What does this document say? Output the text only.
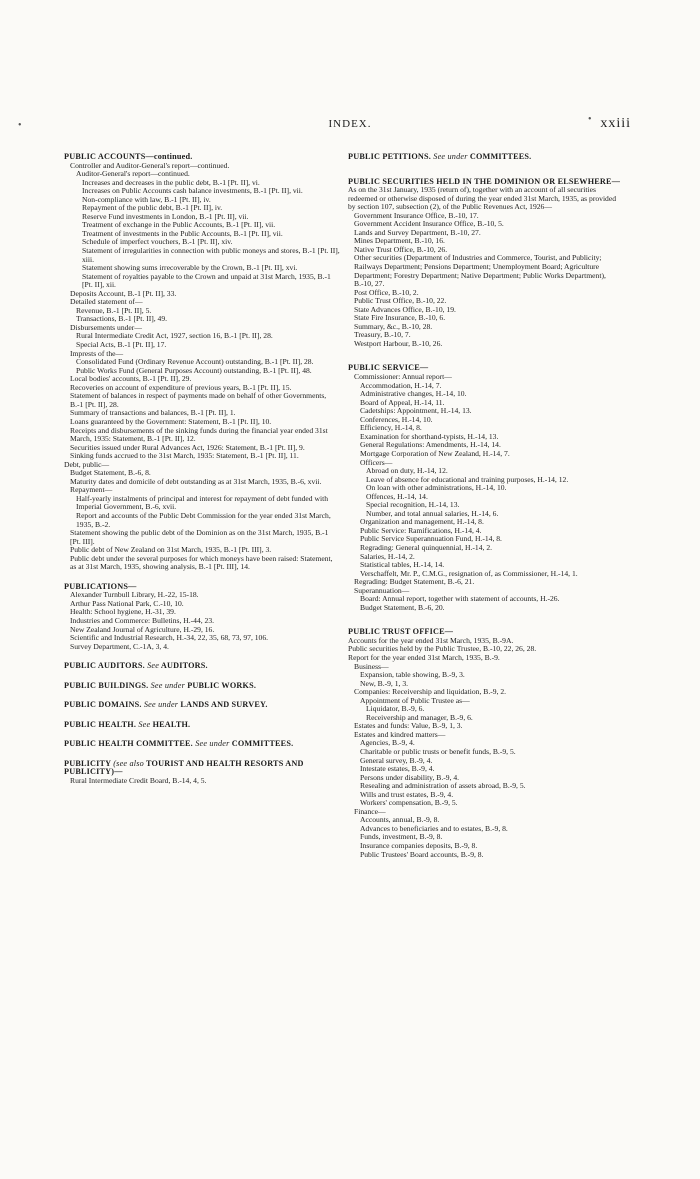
INDEX.	xxiii
•
•
PUBLIC ACCOUNTS—continued.
Controller and Auditor-General's report—continued.
Auditor-General's report—continued.
Increases and decreases in the public debt, B.-1 [Pt. II], vi.
Increases on Public Accounts cash balance investments, B.-1 [Pt. II], vii.
Non-compliance with law, B.-1 [Pt. II], iv.
Repayment of the public debt, B.-1 [Pt. II], iv.
Reserve Fund investments in London, B.-1 [Pt. II], vii.
Treatment of exchange in the Public Accounts, B.-1 [Pt. II], vii.
Treatment of investments in the Public Accounts, B.-1 [Pt. II], vii.
Schedule of imperfect vouchers, B.-1 [Pt. II], xiv.
Statement of irregularities in connection with public moneys and stores, B.-1 [Pt. II], xiii.
Statement showing sums irrecoverable by the Crown, B.-1 [Pt. II], xvi.
Statement of royalties payable to the Crown and unpaid at 31st March, 1935, B.-1 [Pt. II], xii.
Deposits Account, B.-1 [Pt. II], 33.
Detailed statement of—
Revenue, B.-1 [Pt. II], 5.
Transactions, B.-1 [Pt. II], 49.
Disbursements under—
Rural Intermediate Credit Act, 1927, section 16, B.-1 [Pt. II], 28.
Special Acts, B.-1 [Pt. II], 17.
Imprests of the—
Consolidated Fund (Ordinary Revenue Account) outstanding, B.-1 [Pt. II], 28.
Public Works Fund (General Purposes Account) outstanding, B.-1 [Pt. II], 48.
Local bodies' accounts, B.-1 [Pt. II], 29.
Recoveries on account of expenditure of previous years, B.-1 [Pt. II], 15.
Statement of balances in respect of payments made on behalf of other Governments, B.-1 [Pt. II], 28.
Summary of transactions and balances, B.-1 [Pt. II], 1.
Loans guaranteed by the Government: Statement, B.-1 [Pt. II], 10.
Receipts and disbursements of the sinking funds during the financial year ended 31st March, 1935: Statement, B.-1 [Pt. II], 12.
Securities issued under Rural Advances Act, 1926: Statement, B.-1 [Pt. II], 9.
Sinking funds accrued to the 31st March, 1935: Statement, B.-1 [Pt. II], 11.
Debt, public—
Budget Statement, B.-6, 8.
Maturity dates and domicile of debt outstanding as at 31st March, 1935, B.-6, xvii.
Repayment—
Half-yearly instalments of principal and interest for repayment of debt funded with Imperial Government, B.-6, xvii.
Report and accounts of the Public Debt Commission for the year ended 31st March, 1935, B.-2.
Statement showing the public debt of the Dominion as on the 31st March, 1935, B.-1 [Pt. III].
Public debt of New Zealand on 31st March, 1935, B.-1 [Pt. III], 3.
Public debt under the several purposes for which moneys have been raised: Statement, as at 31st March, 1935, showing analysis, B.-1 [Pt. III], 14.
PUBLICATIONS—
Alexander Turnbull Library, H.-22, 15-18.
Arthur Pass National Park, C.-10, 10.
Health: School hygiene, H.-31, 39.
Industries and Commerce: Bulletins, H.-44, 23.
New Zealand Journal of Agriculture, H.-29, 16.
Scientific and Industrial Research, H.-34, 22, 35, 68, 73, 97, 106.
Survey Department, C.-1A, 3, 4.
PUBLIC AUDITORS. See AUDITORS.
PUBLIC BUILDINGS. See under PUBLIC WORKS.
PUBLIC DOMAINS. See under LANDS AND SURVEY.
PUBLIC HEALTH. See HEALTH.
PUBLIC HEALTH COMMITTEE. See under COMMITTEES.
PUBLICITY (see also TOURIST AND HEALTH RESORTS AND PUBLICITY)—
Rural Intermediate Credit Board, B.-14, 4, 5.
PUBLIC PETITIONS. See under COMMITTEES.
PUBLIC SECURITIES HELD IN THE DOMINION OR ELSEWHERE—
As on the 31st January, 1935 (return of), together with an account of all securities redeemed or otherwise disposed of during the year ended 31st March, 1935, as provided by section 107, subsection (2), of the Public Revenues Act, 1926—
Government Insurance Office, B.-10, 17.
Government Accident Insurance Office, B.-10, 5.
Lands and Survey Department, B.-10, 27.
Mines Department, B.-10, 16.
Native Trust Office, B.-10, 26.
Other securities (Department of Industries and Commerce, Tourist, and Publicity; Railways Department; Pensions Department; Unemployment Board; Agriculture Department; Forestry Department; Native Department; Public Works Department), B.-10, 27.
Post Office, B.-10, 2.
Public Trust Office, B.-10, 22.
State Advances Office, B.-10, 19.
State Fire Insurance, B.-10, 6.
Summary, &c., B.-10, 28.
Treasury, B.-10, 7.
Westport Harbour, B.-10, 26.
PUBLIC SERVICE—
Commissioner: Annual report—
Accommodation, H.-14, 7.
Administrative changes, H.-14, 10.
Board of Appeal, H.-14, 11.
Cadetships: Appointment, H.-14, 13.
Conferences, H.-14, 10.
Efficiency, H.-14, 8.
Examination for shorthand-typists, H.-14, 13.
General Regulations: Amendments, H.-14, 14.
Mortgage Corporation of New Zealand, H.-14, 7.
Officers—
Abroad on duty, H.-14, 12.
Leave of absence for educational and training purposes, H.-14, 12.
On loan with other administrations, H.-14, 10.
Offences, H.-14, 14.
Special recognition, H.-14, 13.
Number, and total annual salaries, H.-14, 6.
Organization and management, H.-14, 8.
Public Service: Ramifications, H.-14, 4.
Public Service Superannuation Fund, H.-14, 8.
Regrading: General quinquennial, H.-14, 2.
Salaries, H.-14, 2.
Statistical tables, H.-14, 14.
Verschaffelt, Mr. P., C.M.G., resignation of, as Commissioner, H.-14, 1.
Regrading: Budget Statement, B.-6, 21.
Superannuation—
Board: Annual report, together with statement of accounts, H.-26.
Budget Statement, B.-6, 20.
PUBLIC TRUST OFFICE—
Accounts for the year ended 31st March, 1935, B.-9A.
Public securities held by the Public Trustee, B.-10, 22, 26, 28.
Report for the year ended 31st March, 1935, B.-9.
Business—
Expansion, table showing, B.-9, 3.
New, B.-9, 1, 3.
Companies: Receivership and liquidation, B.-9, 2.
Appointment of Public Trustee as—
Liquidator, B.-9, 6.
Receivership and manager, B.-9, 6.
Estates and funds: Value, B.-9, 1, 3.
Estates and kindred matters—
Agencies, B.-9, 4.
Charitable or public trusts or benefit funds, B.-9, 5.
General survey, B.-9, 4.
Intestate estates, B.-9, 4.
Persons under disability, B.-9, 4.
Resealing and administration of assets abroad, B.-9, 5.
Wills and trust estates, B.-9, 4.
Workers' compensation, B.-9, 5.
Finance—
Accounts, annual, B.-9, 8.
Advances to beneficiaries and to estates, B.-9, 8.
Funds, investment, B.-9, 8.
Insurance companies deposits, B.-9, 8.
Public Trustees' Board accounts, B.-9, 8.
